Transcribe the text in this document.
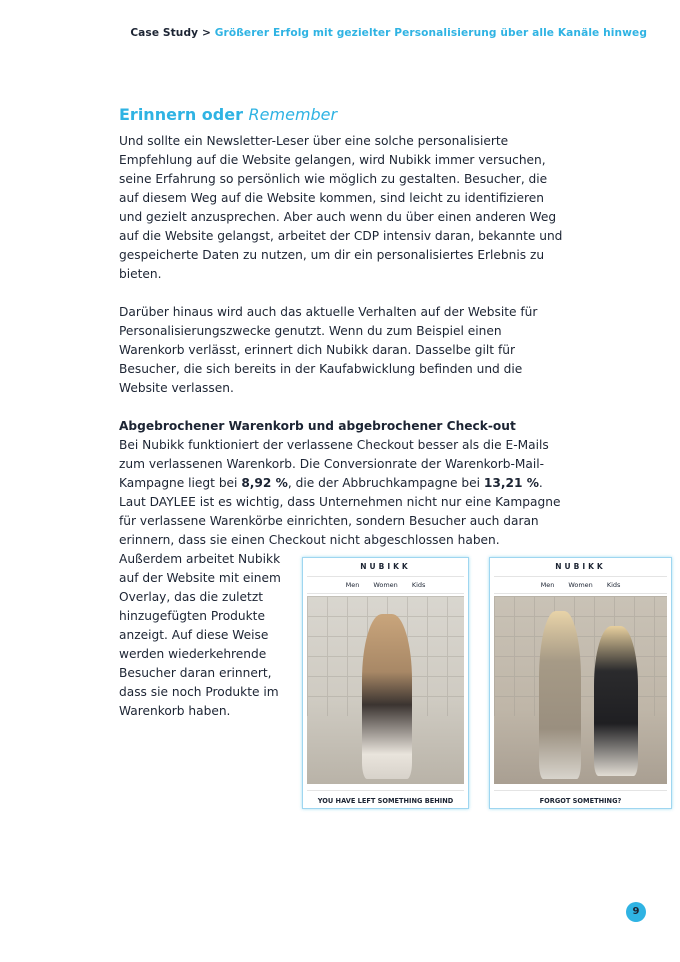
Case Study > Größerer Erfolg mit gezielter Personalisierung über alle Kanäle hinweg
Erinnern oder Remember

Und sollte ein Newsletter-Leser über eine solche personalisierte Empfehlung auf die Website gelangen, wird Nubikk immer versuchen, seine Erfahrung so persönlich wie möglich zu gestalten. Besucher, die auf diesem Weg auf die Website kommen, sind leicht zu identifizieren und gezielt anzusprechen. Aber auch wenn du über einen anderen Weg auf die Website gelangst, arbeitet der CDP intensiv daran, bekannte und gespeicherte Daten zu nutzen, um dir ein personalisiertes Erlebnis zu bieten.

Darüber hinaus wird auch das aktuelle Verhalten auf der Website für Personalisierungszwecke genutzt. Wenn du zum Beispiel einen Warenkorb verlässt, erinnert dich Nubikk daran. Dasselbe gilt für Besucher, die sich bereits in der Kaufabwicklung befinden und die Website verlassen.

Abgebrochener Warenkorb und abgebrochener Check-out

Bei Nubikk funktioniert der verlassene Checkout besser als die E-Mails zum verlassenen Warenkorb. Die Conversionrate der Warenkorb-Mail-Kampagne liegt bei 8,92 %, die der Abbruchkampagne bei 13,21 %. Laut DAYLEE ist es wichtig, dass Unternehmen nicht nur eine Kampagne für verlassene Warenkörbe einrichten, sondern Besucher auch daran erinnern, dass sie einen Checkout nicht abgeschlossen haben.

Außerdem arbeitet Nubikk auf der Website mit einem Overlay, das die zuletzt hinzugefügten Produkte anzeigt. Auf diese Weise werden wiederkehrende Besucher daran erinnert, dass sie noch Produkte im Warenkorb haben.
NUBIKK
Men Women Kids
YOU HAVE LEFT SOMETHING BEHIND
NUBIKK
Men Women Kids
FORGOT SOMETHING?
9
